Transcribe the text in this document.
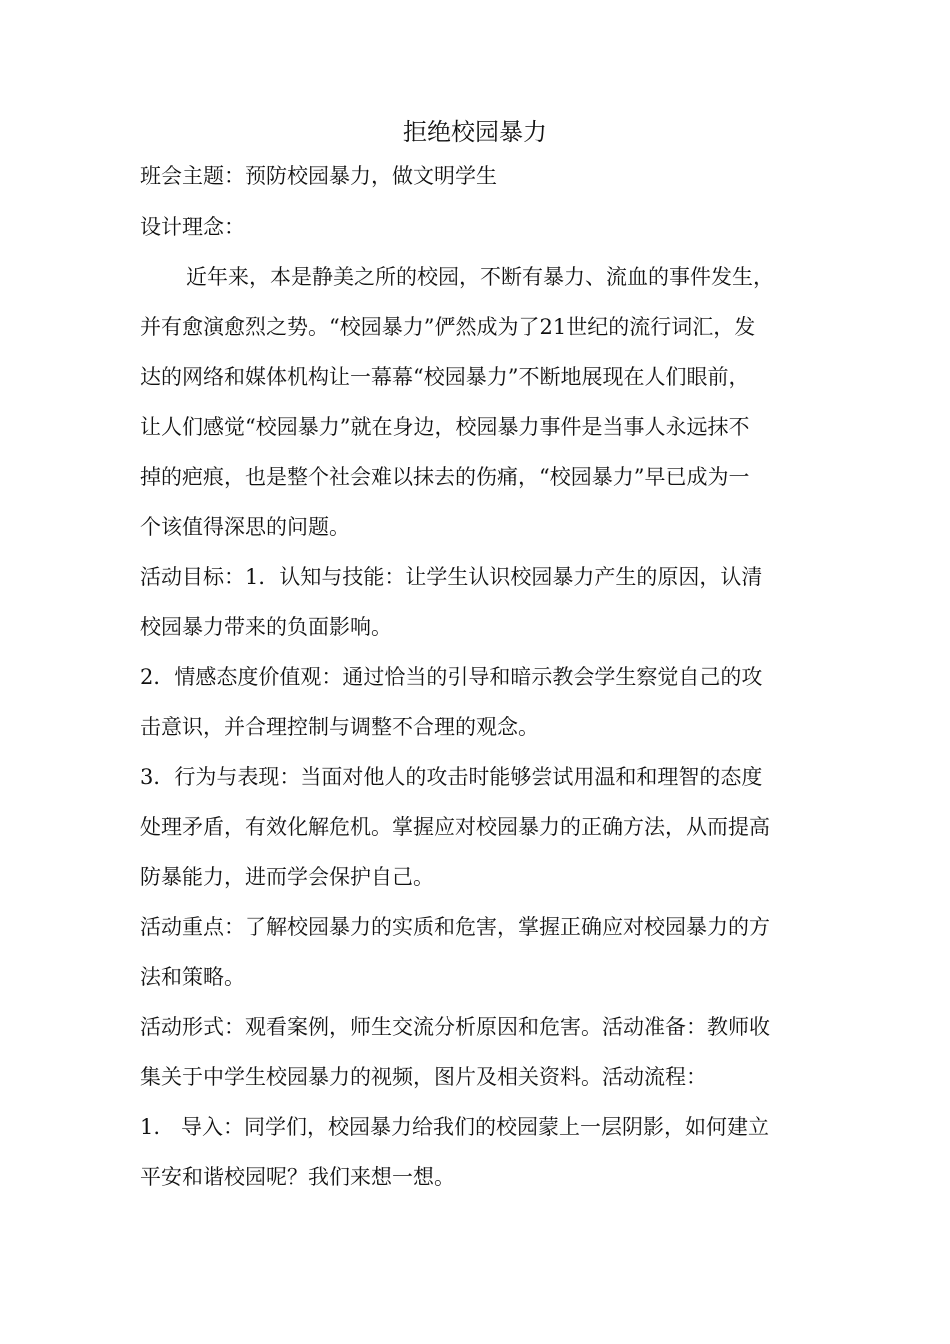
拒绝校园暴力
班会主题：预防校园暴力，做文明学生
设计理念：
近年来，本是静美之所的校园，不断有暴力、流血的事件发生，
并有愈演愈烈之势。“校园暴力”俨然成为了21世纪的流行词汇，发
达的网络和媒体机构让一幕幕“校园暴力”不断地展现在人们眼前，
让人们感觉“校园暴力”就在身边，校园暴力事件是当事人永远抹不
掉的疤痕，也是整个社会难以抹去的伤痛，“校园暴力”早已成为一
个该值得深思的问题。
活动目标：1．认知与技能：让学生认识校园暴力产生的原因，认清
校园暴力带来的负面影响。
2．情感态度价值观：通过恰当的引导和暗示教会学生察觉自己的攻
击意识，并合理控制与调整不合理的观念。
3．行为与表现：当面对他人的攻击时能够尝试用温和和理智的态度
处理矛盾，有效化解危机。掌握应对校园暴力的正确方法，从而提高
防暴能力，进而学会保护自己。
活动重点：了解校园暴力的实质和危害，掌握正确应对校园暴力的方
法和策略。
活动形式：观看案例，师生交流分析原因和危害。活动准备：教师收
集关于中学生校园暴力的视频，图片及相关资料。活动流程：
1.　导入：同学们，校园暴力给我们的校园蒙上一层阴影，如何建立
平安和谐校园呢？我们来想一想。
